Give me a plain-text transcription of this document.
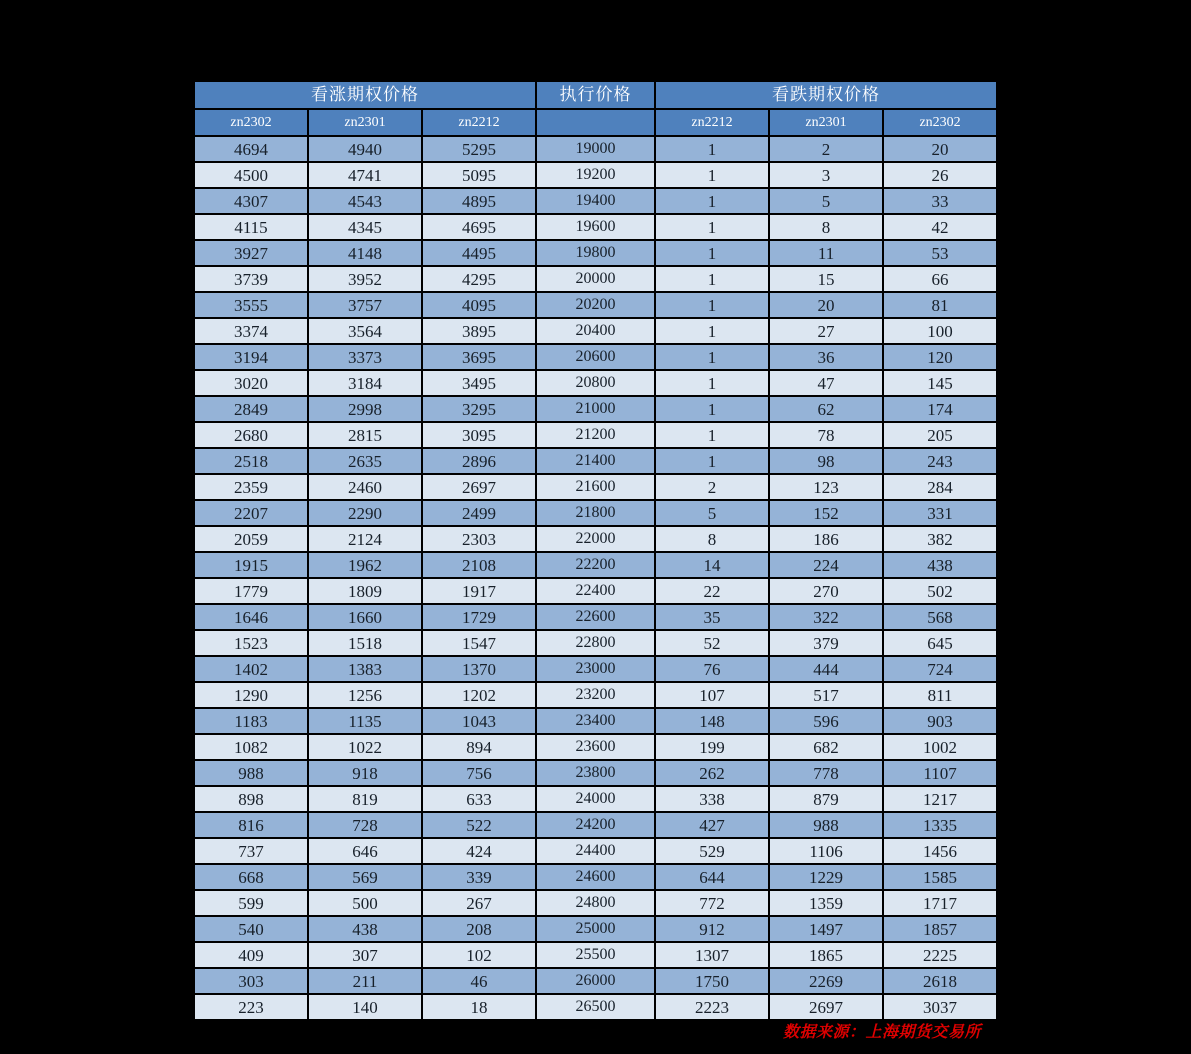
看涨期权价格			执行价格	看跌期权价格		
zn2302	zn2301	zn2212		zn2212	zn2301	zn2302
4694	4940	5295	19000	1	2	20
4500	4741	5095	19200	1	3	26
4307	4543	4895	19400	1	5	33
4115	4345	4695	19600	1	8	42
3927	4148	4495	19800	1	11	53
3739	3952	4295	20000	1	15	66
3555	3757	4095	20200	1	20	81
3374	3564	3895	20400	1	27	100
3194	3373	3695	20600	1	36	120
3020	3184	3495	20800	1	47	145
2849	2998	3295	21000	1	62	174
2680	2815	3095	21200	1	78	205
2518	2635	2896	21400	1	98	243
2359	2460	2697	21600	2	123	284
2207	2290	2499	21800	5	152	331
2059	2124	2303	22000	8	186	382
1915	1962	2108	22200	14	224	438
1779	1809	1917	22400	22	270	502
1646	1660	1729	22600	35	322	568
1523	1518	1547	22800	52	379	645
1402	1383	1370	23000	76	444	724
1290	1256	1202	23200	107	517	811
1183	1135	1043	23400	148	596	903
1082	1022	894	23600	199	682	1002
988	918	756	23800	262	778	1107
898	819	633	24000	338	879	1217
816	728	522	24200	427	988	1335
737	646	424	24400	529	1106	1456
668	569	339	24600	644	1229	1585
599	500	267	24800	772	1359	1717
540	438	208	25000	912	1497	1857
409	307	102	25500	1307	1865	2225
303	211	46	26000	1750	2269	2618
223	140	18	26500	2223	2697	3037
数据来源：上海期货交易所
